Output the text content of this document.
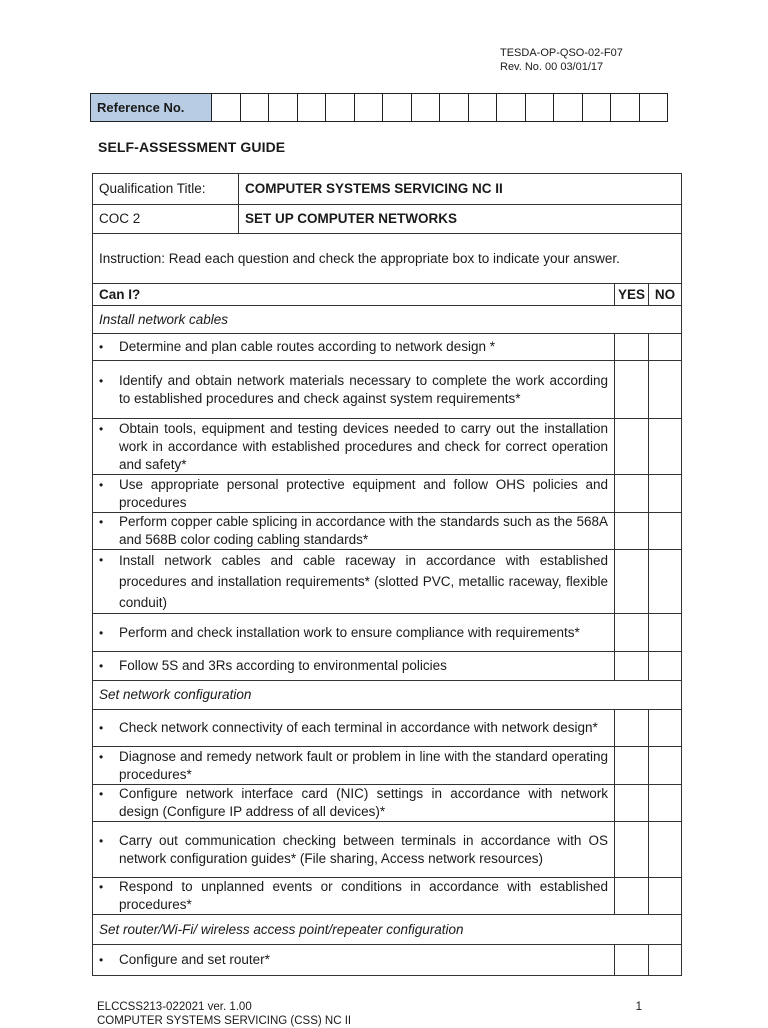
TESDA-OP-QSO-02-F07
Rev. No. 00 03/01/17
Reference No.																
SELF-ASSESSMENT GUIDE
Qualification Title:	COMPUTER SYSTEMS SERVICING NC II		
COC 2	SET UP COMPUTER NETWORKS		
Instruction: Read each question and check the appropriate box to indicate your answer.			
Can I?		YES	NO
Install network cables			

• Determine and plan cable routes according to network design *			

• Identify and obtain network materials necessary to complete the work according to established procedures and check against system requirements*			

• Obtain tools, equipment and testing devices needed to carry out the installation work in accordance with established procedures and check for correct operation and safety*			

• Use appropriate personal protective equipment and follow OHS policies and procedures			

• Perform copper cable splicing in accordance with the standards such as the 568A and 568B color coding cabling standards*			

• Install network cables and cable raceway in accordance with established procedures and installation requirements* (slotted PVC, metallic raceway, flexible conduit)			

• Perform and check installation work to ensure compliance with requirements*			

• Follow 5S and 3Rs according to environmental policies			

Set network configuration			

• Check network connectivity of each terminal in accordance with network design*			

• Diagnose and remedy network fault or problem in line with the standard operating procedures*			

• Configure network interface card (NIC) settings in accordance with network design (Configure IP address of all devices)*			

• Carry out communication checking between terminals in accordance with OS network configuration guides* (File sharing, Access network resources)			

• Respond to unplanned events or conditions in accordance with established procedures*			

Set router/Wi-Fi/ wireless access point/repeater configuration			

• Configure and set router*			

ELCCSS213-022021 ver. 1.00
COMPUTER SYSTEMS SERVICING (CSS) NC II
1
